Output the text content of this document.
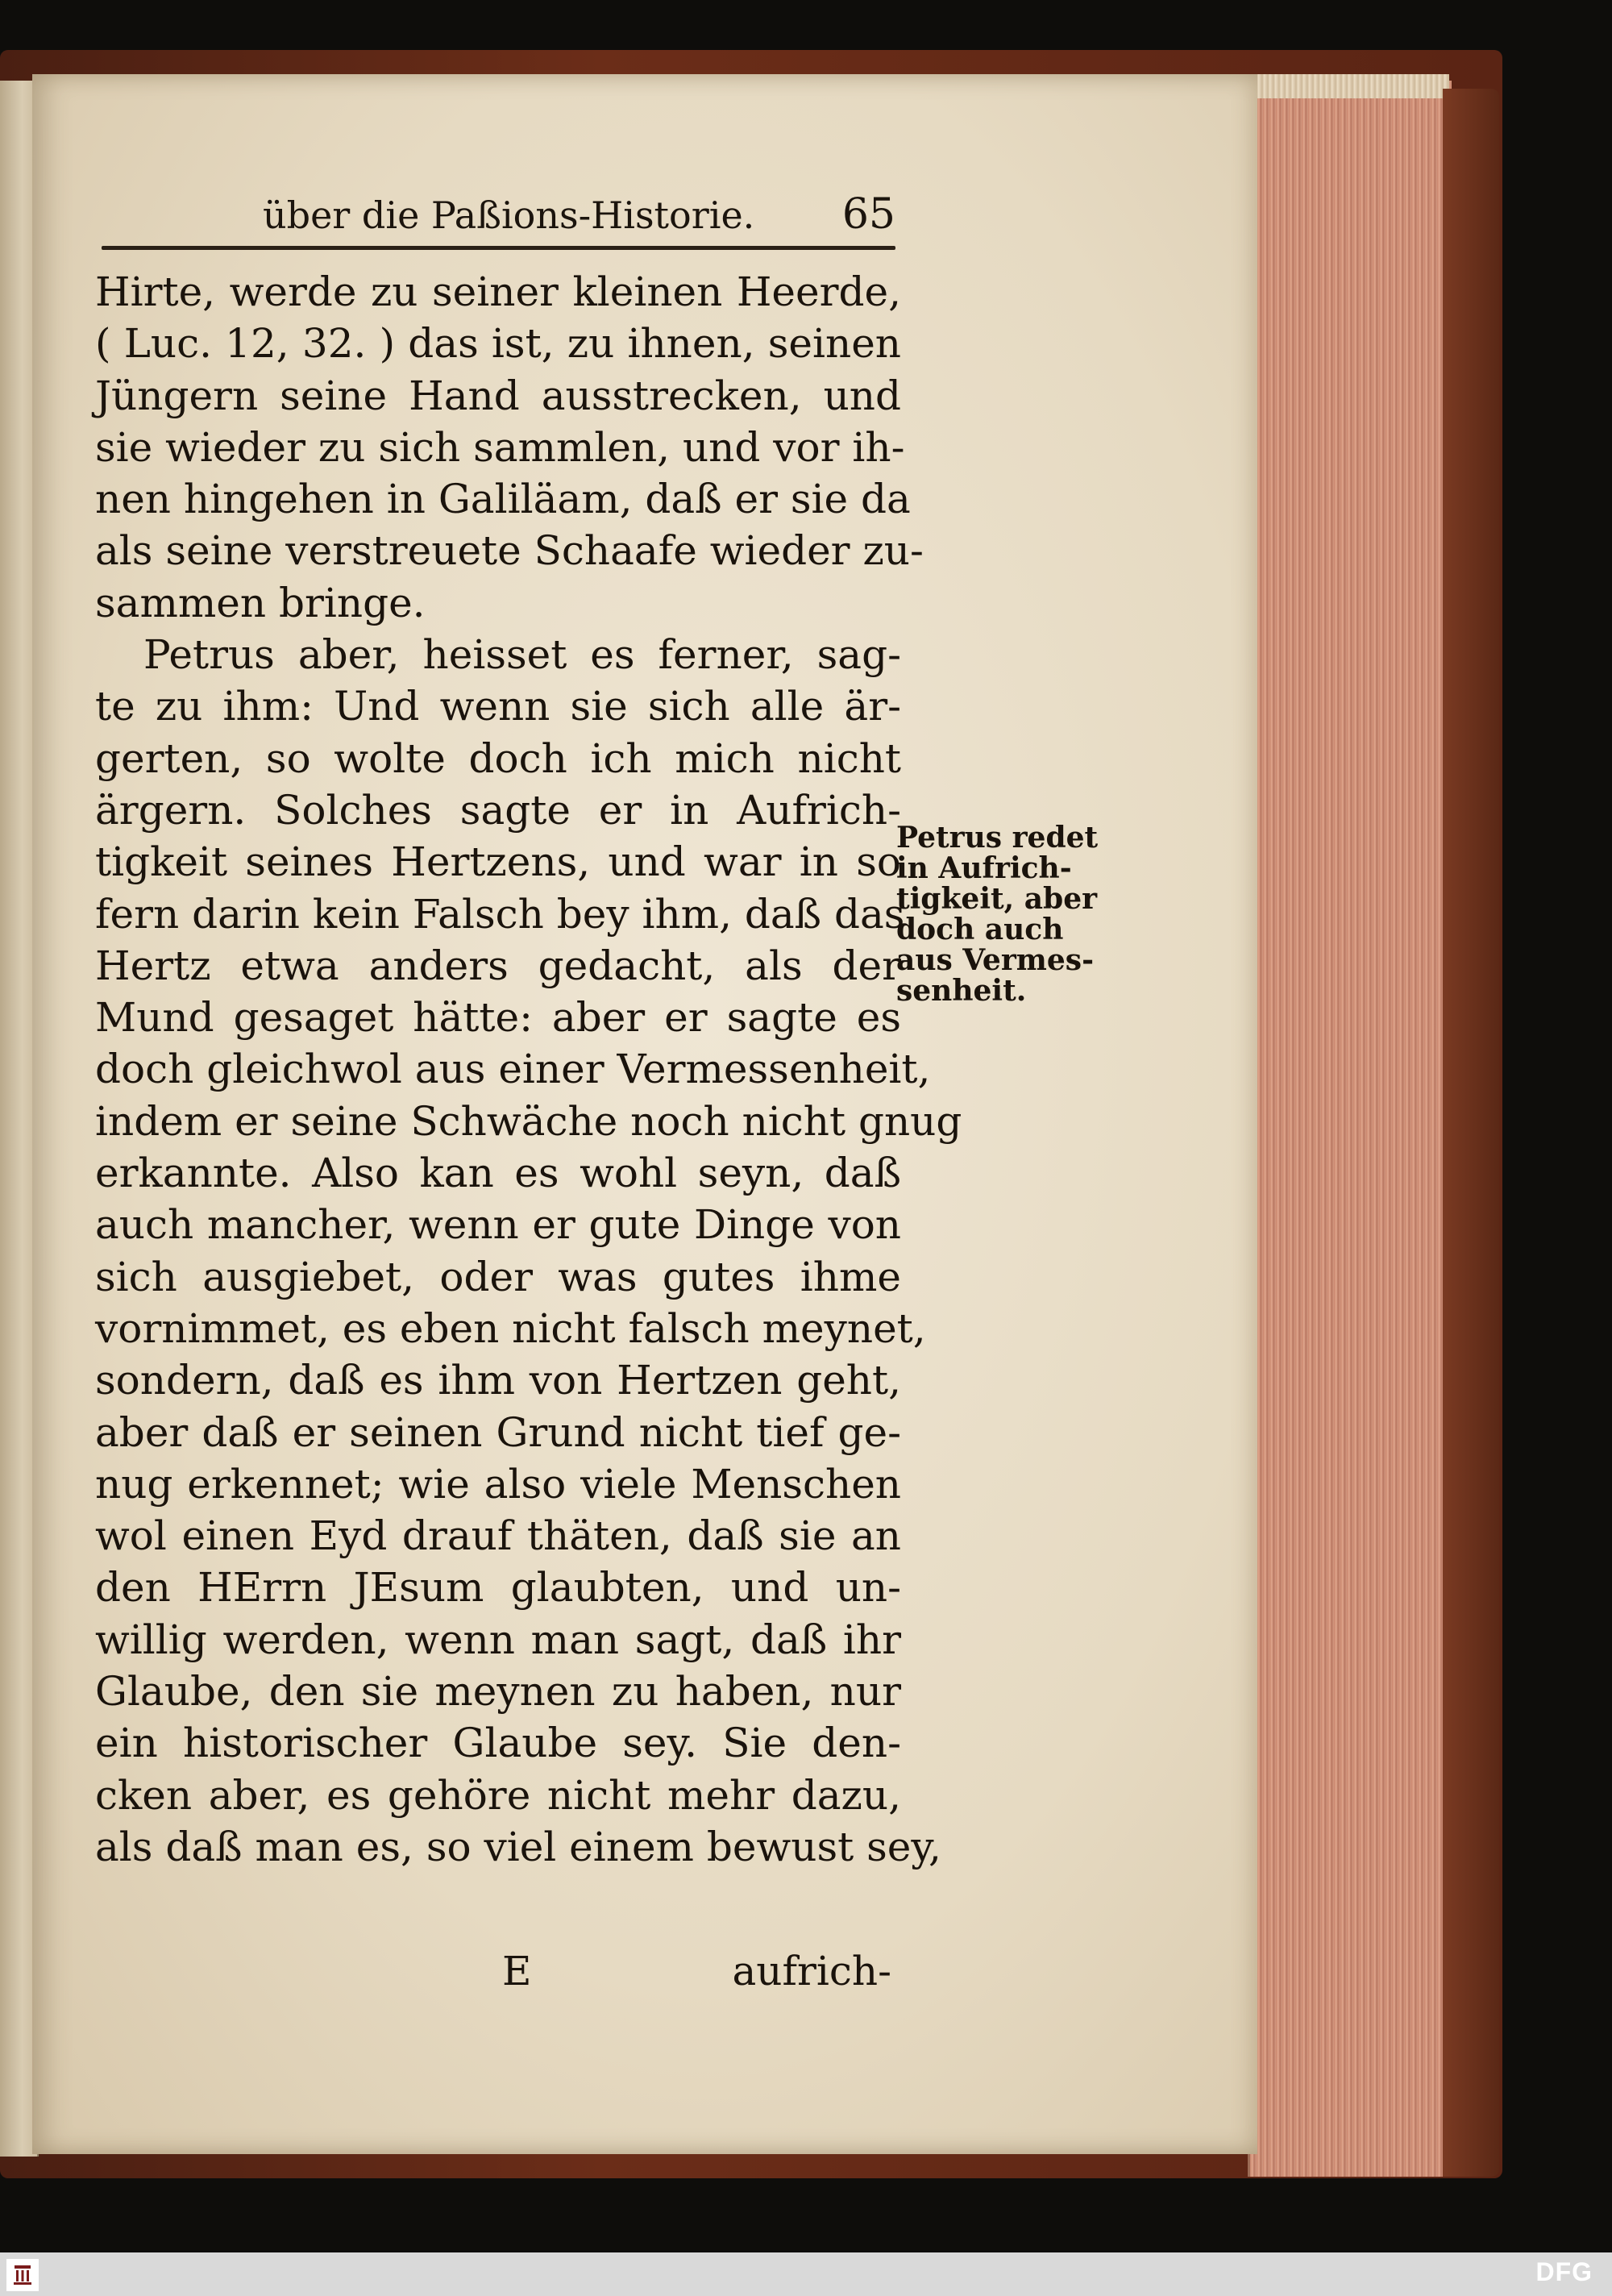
über die Paßions-Historie. 65
Hirte, werde zu seiner kleinen Heerde,
( Luc. 12, 32. ) das ist, zu ihnen, seinen
Jüngern seine Hand ausstrecken, und
sie wieder zu sich sammlen, und vor ih-
nen hingehen in Galiläam, daß er sie da
als seine verstreuete Schaafe wieder zu-
sammen bringe.
Petrus aber, heisset es ferner, sag-
te zu ihm: Und wenn sie sich alle är-
gerten, so wolte doch ich mich nicht
ärgern. Solches sagte er in Aufrich-
tigkeit seines Hertzens, und war in so
fern darin kein Falsch bey ihm, daß das
Hertz etwa anders gedacht, als der
Mund gesaget hätte: aber er sagte es
doch gleichwol aus einer Vermessenheit,
indem er seine Schwäche noch nicht gnug
erkannte. Also kan es wohl seyn, daß
auch mancher, wenn er gute Dinge von
sich ausgiebet, oder was gutes ihme
vornimmet, es eben nicht falsch meynet,
sondern, daß es ihm von Hertzen geht,
aber daß er seinen Grund nicht tief ge-
nug erkennet; wie also viele Menschen
wol einen Eyd drauf thäten, daß sie an
den HErrn JEsum glaubten, und un-
willig werden, wenn man sagt, daß ihr
Glaube, den sie meynen zu haben, nur
ein historischer Glaube sey. Sie den-
cken aber, es gehöre nicht mehr dazu,
als daß man es, so viel einem bewust sey,
E	aufrich-
Petrus redet
in Aufrich-
tigkeit, aber
doch auch
aus Vermes-
senheit.
DFG
